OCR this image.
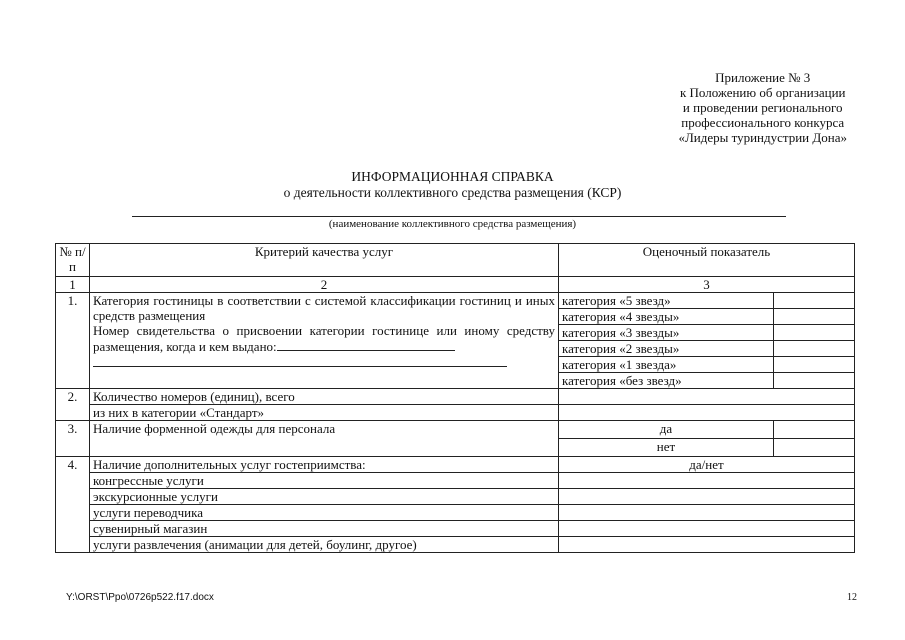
Приложение № 3
к Положению об организации
и проведении регионального
профессионального конкурса
«Лидеры туриндустрии Дона»
ИНФОРМАЦИОННАЯ СПРАВКА
о деятельности коллективного средства размещения (КСР)
(наименование коллективного средства размещения)
№ п/п	Критерий качества услуг	Оценочный показатель	
1	2	3	
1.	Категория гостиницы в соответствии с системой классификации гостиниц и иных средств размещения
Номер свидетельства о присвоении категории гостинице или иному средству размещения, когда и кем выдано:	категория «5 звезд»	
		категория «4 звезды»	
		категория «3 звезды»	
		категория «2 звезды»	
		категория «1 звезда»	
		категория «без звезд»	
2.	Количество номеров (единиц), всего		
	из них в категории «Стандарт»		
3.	Наличие форменной одежды для персонала	да	
		нет	
4.	Наличие дополнительных услуг гостеприимства:	да/нет	
	конгрессные услуги		
	экскурсионные услуги		
	услуги переводчика		
	сувенирный магазин		
	услуги развлечения (анимации для детей, боулинг, другое)		
Y:\ORST\Ppo\0726p522.f17.docx	12
